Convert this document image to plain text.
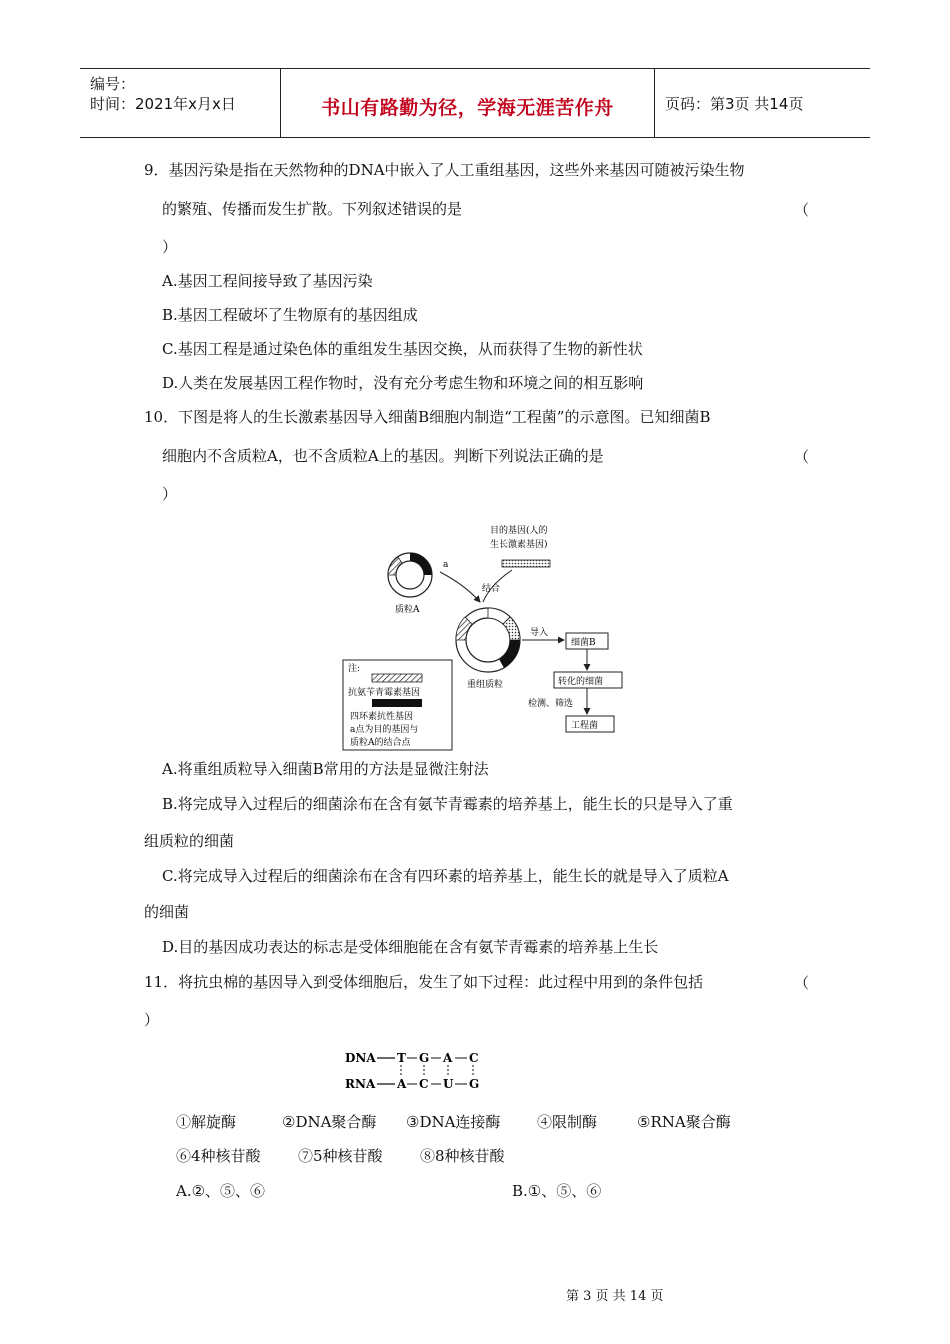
编号：
时间：2021年x月x日	书山有路勤为径，学海无涯苦作舟	页码：第3页 共14页
9．基因污染是指在天然物种的DNA中嵌入了人工重组基因，这些外来基因可随被污染生物
的繁殖、传播而发生扩散。下列叙述错误的是	（
）
A.基因工程间接导致了基因污染
B.基因工程破坏了生物原有的基因组成
C.基因工程是通过染色体的重组发生基因交换，从而获得了生物的新性状
D.人类在发展基因工程作物时，没有充分考虑生物和环境之间的相互影响
10．下图是将人的生长激素基因导入细菌B细胞内制造“工程菌”的示意图。已知细菌B
细胞内不含质粒A，也不含质粒A上的基因。判断下列说法正确的是	（
）
a
质粒A
目的基因(人的
生长激素基因)
结合
重组质粒
导入
细菌B
转化的细菌
检测、筛选
工程菌
注:
抗氨苄青霉素基因
四环素抗性基因
a点为目的基因与
质粒A的结合点
A.将重组质粒导入细菌B常用的方法是显微注射法
B.将完成导入过程后的细菌涂布在含有氨苄青霉素的培养基上，能生长的只是导入了重
组质粒的细菌
C.将完成导入过程后的细菌涂布在含有四环素的培养基上，能生长的就是导入了质粒A
的细菌
D.目的基因成功表达的标志是受体细胞能在含有氨苄青霉素的培养基上生长
11．将抗虫棉的基因导入到受体细胞后，发生了如下过程：此过程中用到的条件包括	（
）
DNA
RNA
T G A C
A C U G
①解旋酶	②DNA聚合酶 ③DNA连接酶 ④限制酶	⑤RNA聚合酶
⑥4种核苷酸 ⑦5种核苷酸 ⑧8种核苷酸
A.②、⑤、⑥	B.①、⑤、⑥
第 3 页 共 14 页
